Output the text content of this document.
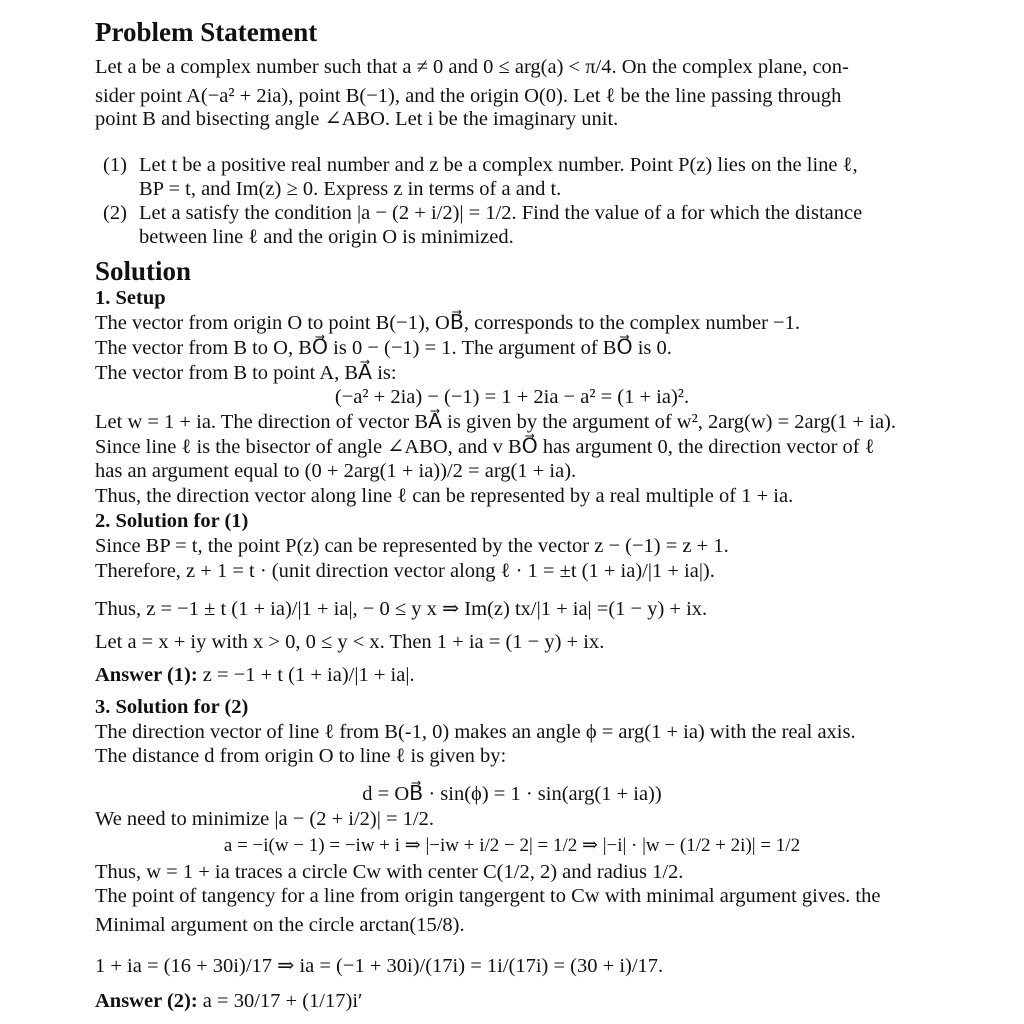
Problem Statement
Let a be a complex number such that a ≠ 0 and 0 ≤ arg(a) < π/4. On the complex plane, con-
sider point A(−a² + 2ia), point B(−1), and the origin O(0). Let ℓ be the line passing through
point B and bisecting angle ∠ABO. Let i be the imaginary unit.
(1) Let t be a positive real number and z be a complex number. Point P(z) lies on the line ℓ,
BP = t, and Im(z) ≥ 0. Express z in terms of a and t.
(2) Let a satisfy the condition |a − (2 + i/2)| = 1/2. Find the value of a for which the distance
between line ℓ and the origin O is minimized.
Solution
1. Setup
The vector from origin O to point B(−1), OB⃗, corresponds to the complex number −1.
The vector from B to O, BO⃗ is 0 − (−1) = 1. The argument of BO⃗ is 0.
The vector from B to point A, BA⃗ is:
(−a² + 2ia) − (−1) = 1 + 2ia − a² = (1 + ia)².
Let w = 1 + ia. The direction of vector BA⃗ is given by the argument of w², 2arg(w) = 2arg(1 + ia).
Since line ℓ is the bisector of angle ∠ABO, and v BO⃗ has argument 0, the direction vector of ℓ
has an argument equal to (0 + 2arg(1 + ia))/2 = arg(1 + ia).
Thus, the direction vector along line ℓ can be represented by a real multiple of 1 + ia.
2. Solution for (1)
Since BP = t, the point P(z) can be represented by the vector z − (−1) = z + 1.
Therefore, z + 1 = t · (unit direction vector along ℓ · 1 = ±t (1 + ia)/|1 + ia|).
Thus, z = −1 ± t (1 + ia)/|1 + ia|, − 0 ≤ y x ⇒ Im(z) tx/|1 + ia| =(1 − y) + ix.
Let a = x + iy with x > 0, 0 ≤ y < x. Then 1 + ia = (1 − y) + ix.
Answer (1): z = −1 + t (1 + ia)/|1 + ia|.
3. Solution for (2)
The direction vector of line ℓ from B(-1, 0) makes an angle ϕ = arg(1 + ia) with the real axis.
The distance d from origin O to line ℓ is given by:
d = OB⃗ · sin(ϕ) = 1 · sin(arg(1 + ia))
We need to minimize |a − (2 + i/2)| = 1/2.
a = −i(w − 1) = −iw + i ⇒ |−iw + i/2 − 2| = 1/2 ⇒ |−i| · |w − (1/2 + 2i)| = 1/2
Thus, w = 1 + ia traces a circle Cw with center C(1/2, 2) and radius 1/2.
The point of tangency for a line from origin tangergent to Cw with minimal argument gives. the
Minimal argument on the circle arctan(15/8).
1 + ia = (16 + 30i)/17 ⇒ ia = (−1 + 30i)/(17i) = 1i/(17i) = (30 + i)/17.
Answer (2): a = 30/17 + (1/17)i′
